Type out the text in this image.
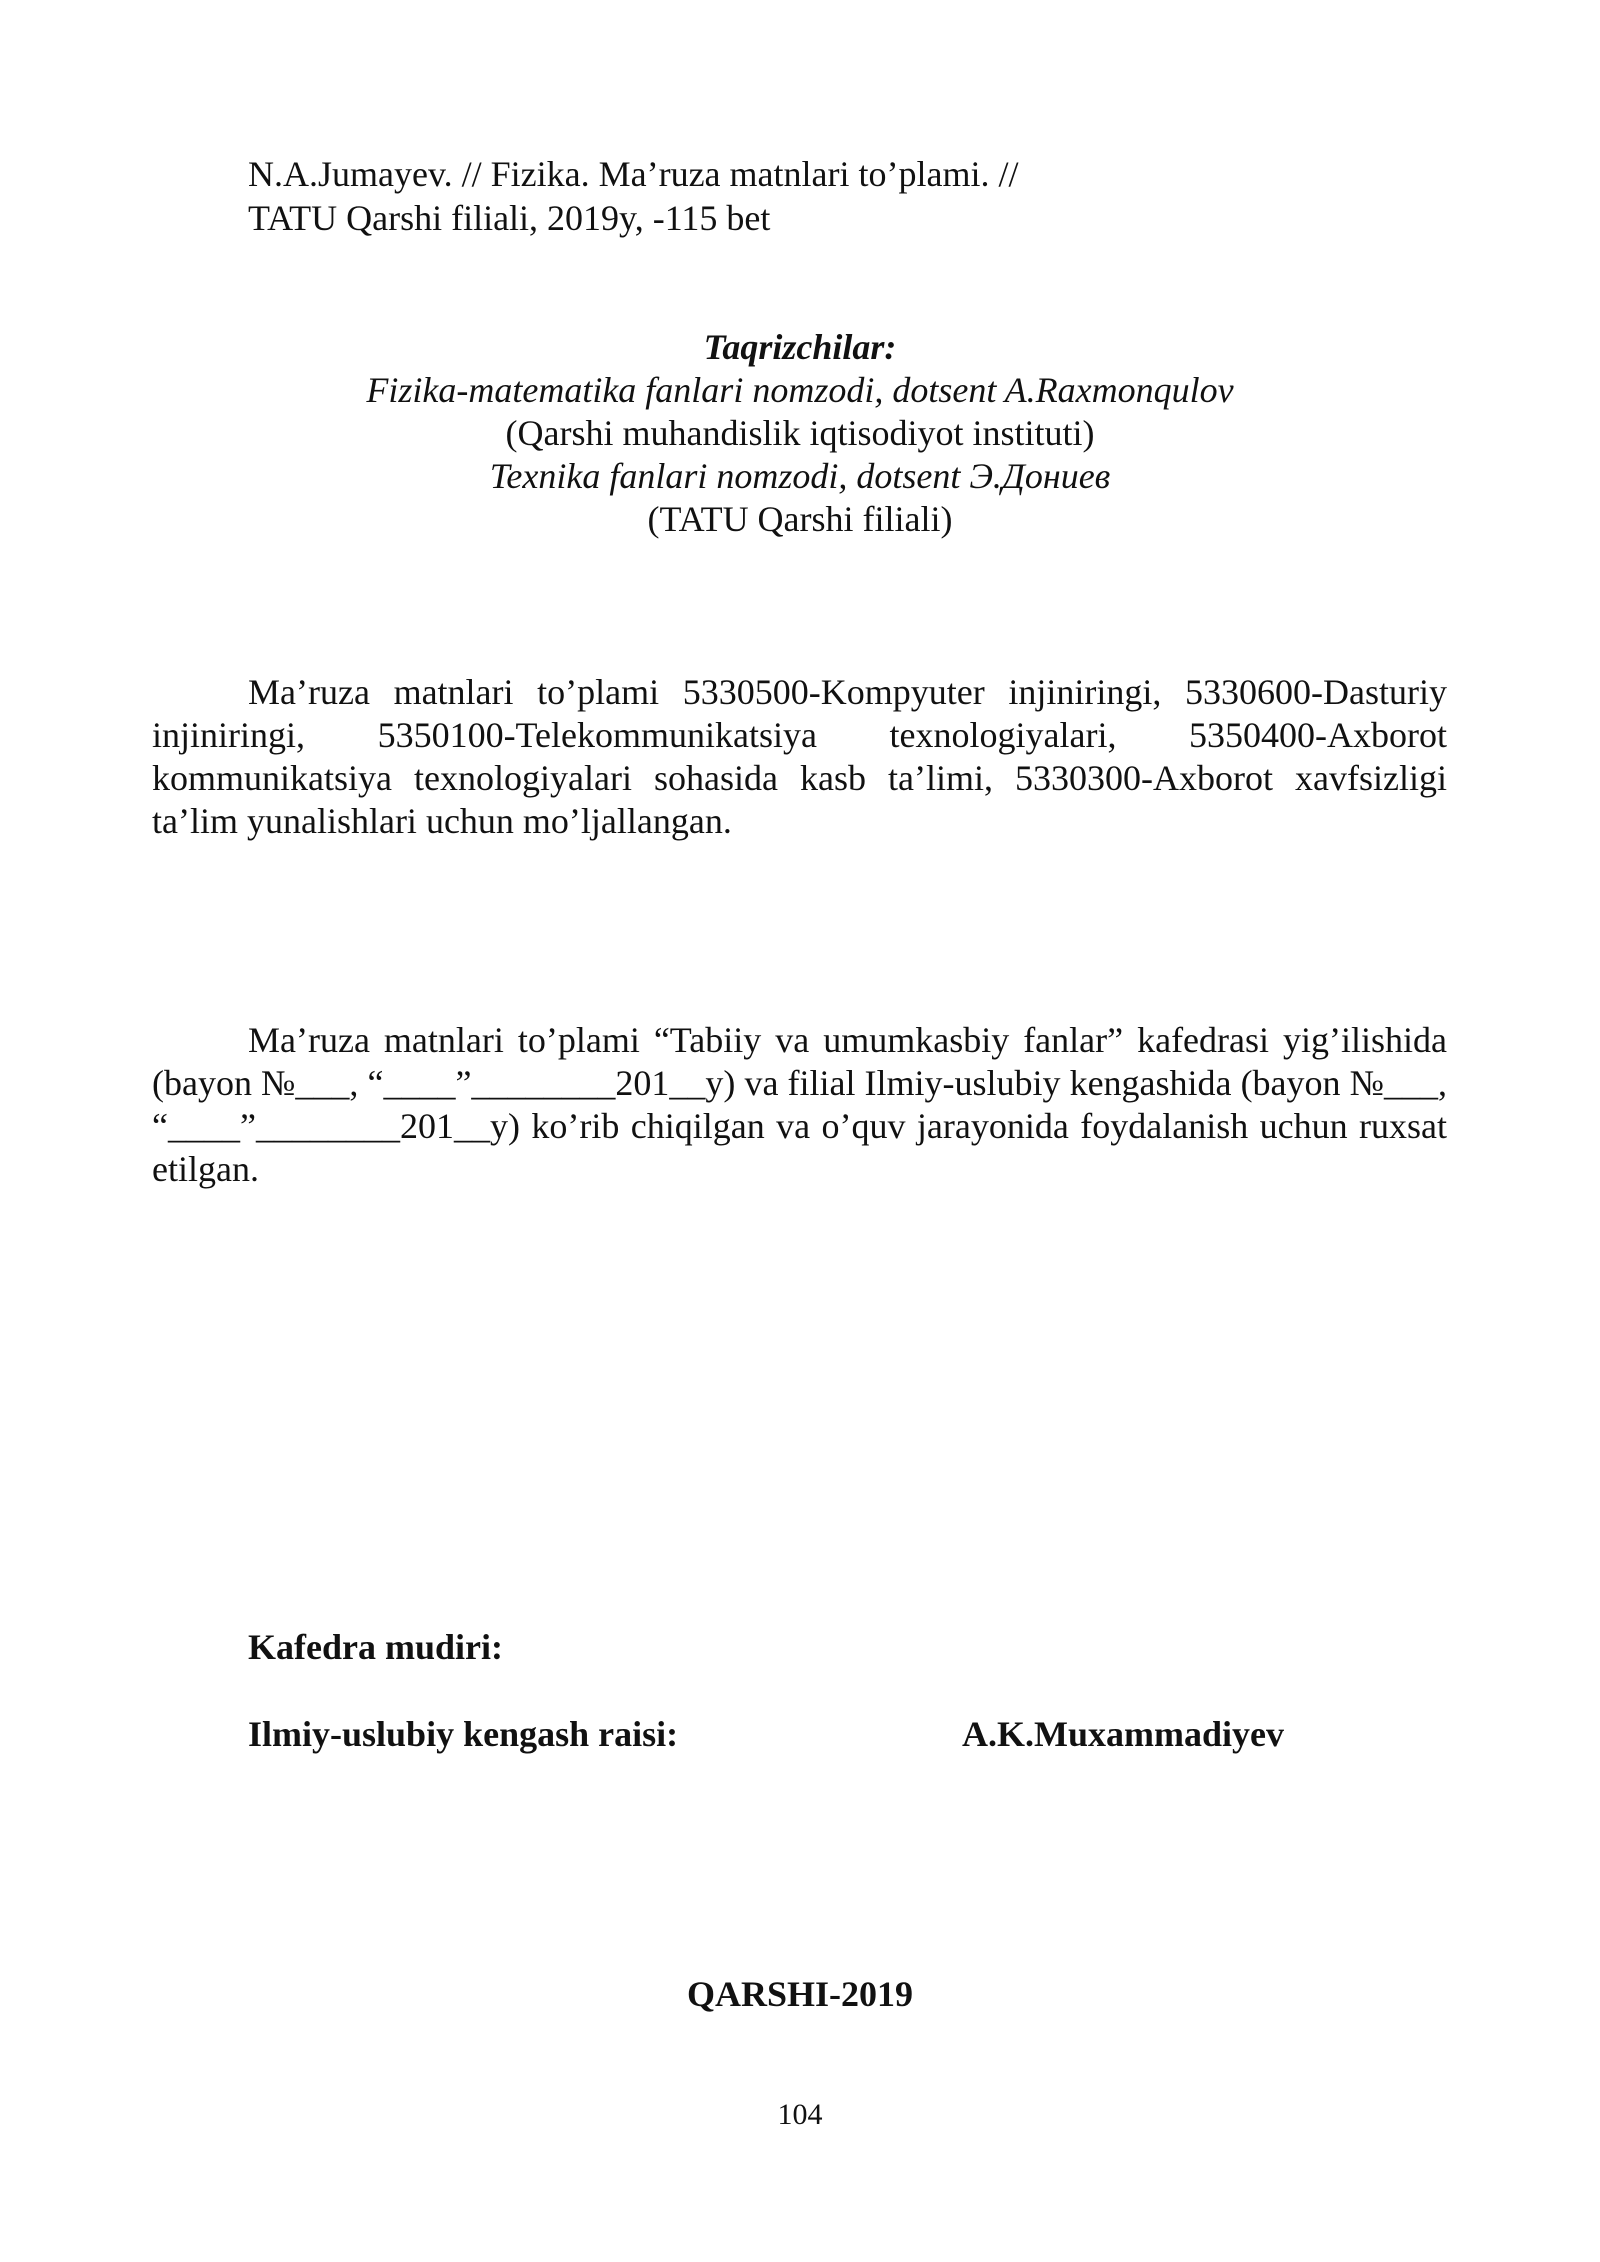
N.A.Jumayev. // Fizika. Ma’ruza matnlari to’plami. //
TATU Qarshi filiali, 2019y, -115 bet
Taqrizchilar:
Fizika-matematika fanlari nomzodi, dotsent A.Raxmonqulov
(Qarshi muhandislik iqtisodiyot instituti)
Texnika fanlari nomzodi, dotsent Э.Дониев
(TATU Qarshi filiali)

Ma’ruza matnlari to’plami 5330500-Kompyuter injiniringi, 5330600-Dasturiy injiniringi, 5350100-Telekommunikatsiya texnologiyalari, 5350400-Axborot kommunikatsiya texnologiyalari sohasida kasb ta’limi, 5330300-Axborot xavfsizligi ta’lim yunalishlari uchun mo’ljallangan.

Ma’ruza matnlari to’plami “Tabiiy va umumkasbiy fanlar” kafedrasi yig’ilishida (bayon №___, “____”________201__y) va filial Ilmiy-uslubiy kengashida (bayon №___, “____”________201__y) ko’rib chiqilgan va o’quv jarayonida foydalanish uchun ruxsat etilgan.

Kafedra mudiri:
Ilmiy-uslubiy kengash raisi:	A.K.Muxammadiyev
QARSHI-2019
104
